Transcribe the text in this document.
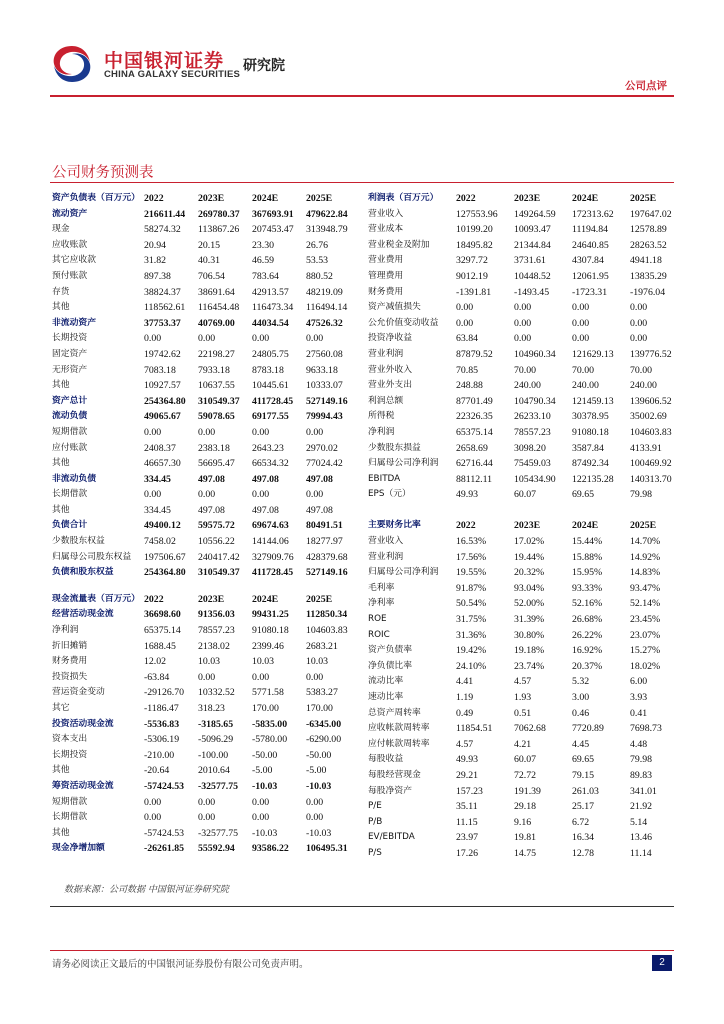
中国银河证券
CHINA GALAXY SECURITIES
研究院
公司点评
公司财务预测表
资产负债表（百万元）	2022	2023E	2024E	2025E
流动资产	216611.44	269780.37	367693.91	479622.84
现金	58274.32	113867.26	207453.47	313948.79
应收账款	20.94	20.15	23.30	26.76
其它应收款	31.82	40.31	46.59	53.53
预付账款	897.38	706.54	783.64	880.52
存货	38824.37	38691.64	42913.57	48219.09
其他	118562.61	116454.48	116473.34	116494.14
非流动资产	37753.37	40769.00	44034.54	47526.32
长期投资	0.00	0.00	0.00	0.00
固定资产	19742.62	22198.27	24805.75	27560.08
无形资产	7083.18	7933.18	8783.18	9633.18
其他	10927.57	10637.55	10445.61	10333.07
资产总计	254364.80	310549.37	411728.45	527149.16
流动负债	49065.67	59078.65	69177.55	79994.43
短期借款	0.00	0.00	0.00	0.00
应付账款	2408.37	2383.18	2643.23	2970.02
其他	46657.30	56695.47	66534.32	77024.42
非流动负债	334.45	497.08	497.08	497.08
长期借款	0.00	0.00	0.00	0.00
其他	334.45	497.08	497.08	497.08
负债合计	49400.12	59575.72	69674.63	80491.51
少数股东权益	7458.02	10556.22	14144.06	18277.97
归属母公司股东权益	197506.67	240417.42	327909.76	428379.68
负债和股东权益	254364.80	310549.37	411728.45	527149.16

现金流量表（百万元）	2022	2023E	2024E	2025E
经营活动现金流	36698.60	91356.03	99431.25	112850.34
净利润	65375.14	78557.23	91080.18	104603.83
折旧摊销	1688.45	2138.02	2399.46	2683.21
财务费用	12.02	10.03	10.03	10.03
投资损失	-63.84	0.00	0.00	0.00
营运资金变动	-29126.70	10332.52	5771.58	5383.27
其它	-1186.47	318.23	170.00	170.00
投资活动现金流	-5536.83	-3185.65	-5835.00	-6345.00
资本支出	-5306.19	-5096.29	-5780.00	-6290.00
长期投资	-210.00	-100.00	-50.00	-50.00
其他	-20.64	2010.64	-5.00	-5.00
筹资活动现金流	-57424.53	-32577.75	-10.03	-10.03
短期借款	0.00	0.00	0.00	0.00
长期借款	0.00	0.00	0.00	0.00
其他	-57424.53	-32577.75	-10.03	-10.03
现金净增加额	-26261.85	55592.94	93586.22	106495.31
利润表（百万元）	2022	2023E	2024E	2025E
营业收入	127553.96	149264.59	172313.62	197647.02
营业成本	10199.20	10093.47	11194.84	12578.89
营业税金及附加	18495.82	21344.84	24640.85	28263.52
营业费用	3297.72	3731.61	4307.84	4941.18
管理费用	9012.19	10448.52	12061.95	13835.29
财务费用	-1391.81	-1493.45	-1723.31	-1976.04
资产减值损失	0.00	0.00	0.00	0.00
公允价值变动收益	0.00	0.00	0.00	0.00
投资净收益	63.84	0.00	0.00	0.00
营业利润	87879.52	104960.34	121629.13	139776.52
营业外收入	70.85	70.00	70.00	70.00
营业外支出	248.88	240.00	240.00	240.00
利润总额	87701.49	104790.34	121459.13	139606.52
所得税	22326.35	26233.10	30378.95	35002.69
净利润	65375.14	78557.23	91080.18	104603.83
少数股东损益	2658.69	3098.20	3587.84	4133.91
归属母公司净利润	62716.44	75459.03	87492.34	100469.92
EBITDA	88112.11	105434.90	122135.28	140313.70
EPS（元）	49.93	60.07	69.65	79.98

主要财务比率	2022	2023E	2024E	2025E
营业收入	16.53%	17.02%	15.44%	14.70%
营业利润	17.56%	19.44%	15.88%	14.92%
归属母公司净利润	19.55%	20.32%	15.95%	14.83%
毛利率	91.87%	93.04%	93.33%	93.47%
净利率	50.54%	52.00%	52.16%	52.14%
ROE	31.75%	31.39%	26.68%	23.45%
ROIC	31.36%	30.80%	26.22%	23.07%
资产负债率	19.42%	19.18%	16.92%	15.27%
净负债比率	24.10%	23.74%	20.37%	18.02%
流动比率	4.41	4.57	5.32	6.00
速动比率	1.19	1.93	3.00	3.93
总资产周转率	0.49	0.51	0.46	0.41
应收帐款周转率	11854.51	7062.68	7720.89	7698.73
应付帐款周转率	4.57	4.21	4.45	4.48
每股收益	49.93	60.07	69.65	79.98
每股经营现金	29.21	72.72	79.15	89.83
每股净资产	157.23	191.39	261.03	341.01
P/E	35.11	29.18	25.17	21.92
P/B	11.15	9.16	6.72	5.14
EV/EBITDA	23.97	19.81	16.34	13.46
P/S	17.26	14.75	12.78	11.14
数据来源：公司数据 中国银河证券研究院
请务必阅读正文最后的中国银河证券股份有限公司免责声明。	2
